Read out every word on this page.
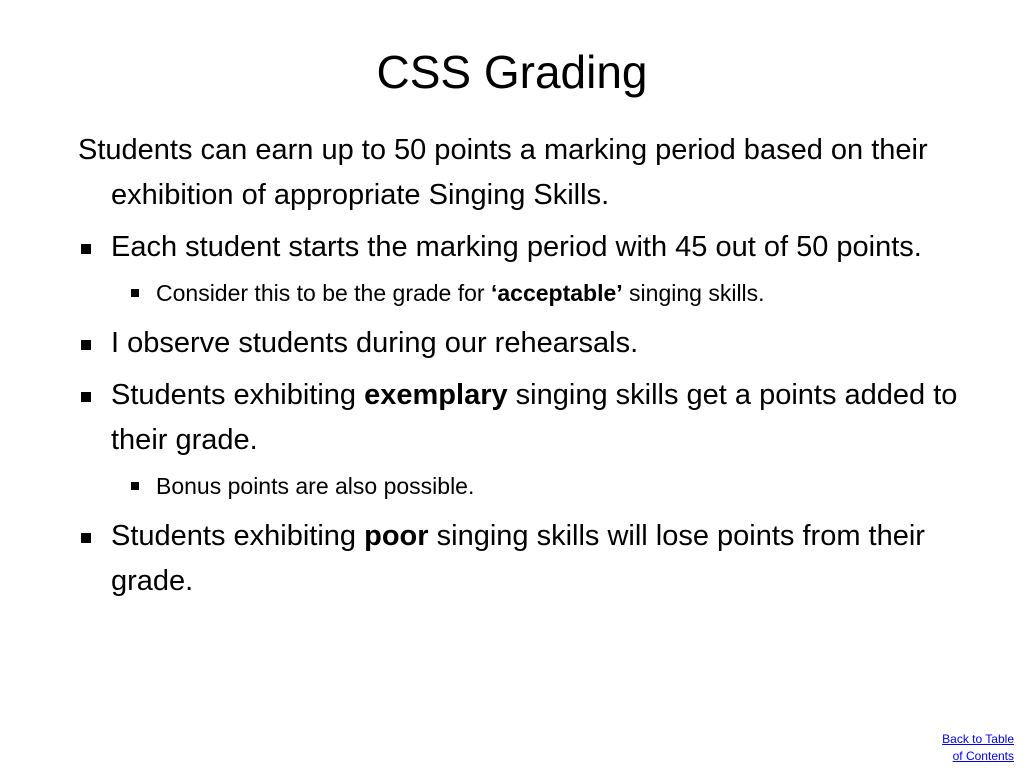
CSS Grading

Students can earn up to 50 points a marking period based on their exhibition of appropriate Singing Skills.

Each student starts the marking period with 45 out of 50 points.
Consider this to be the grade for ‘acceptable’ singing skills.
I observe students during our rehearsals.
Students exhibiting exemplary singing skills get a points added to their grade.
Bonus points are also possible.
Students exhibiting poor singing skills will lose points from their grade.
Back to Table
of Contents
